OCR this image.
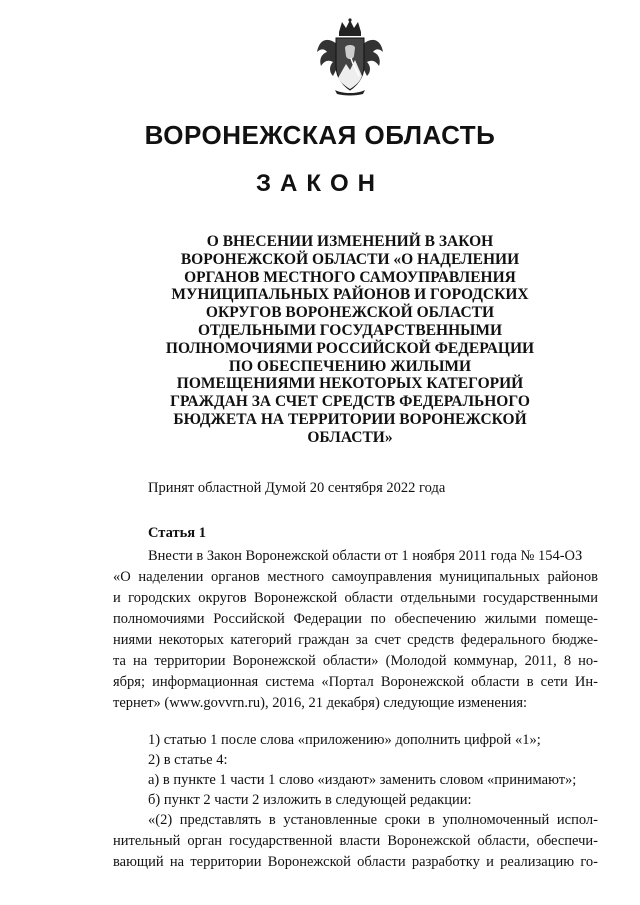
ВОРОНЕЖСКАЯ ОБЛАСТЬ
ЗАКОН
О ВНЕСЕНИИ ИЗМЕНЕНИЙ В ЗАКОН
ВОРОНЕЖСКОЙ ОБЛАСТИ «О НАДЕЛЕНИИ
ОРГАНОВ МЕСТНОГО САМОУПРАВЛЕНИЯ
МУНИЦИПАЛЬНЫХ РАЙОНОВ И ГОРОДСКИХ
ОКРУГОВ ВОРОНЕЖСКОЙ ОБЛАСТИ
ОТДЕЛЬНЫМИ ГОСУДАРСТВЕННЫМИ
ПОЛНОМОЧИЯМИ РОССИЙСКОЙ ФЕДЕРАЦИИ
ПО ОБЕСПЕЧЕНИЮ ЖИЛЫМИ
ПОМЕЩЕНИЯМИ НЕКОТОРЫХ КАТЕГОРИЙ
ГРАЖДАН ЗА СЧЕТ СРЕДСТВ ФЕДЕРАЛЬНОГО
БЮДЖЕТА НА ТЕРРИТОРИИ ВОРОНЕЖСКОЙ
ОБЛАСТИ»
Принят областной Думой 20 сентября 2022 года
Статья 1
Внести в Закон Воронежской области от 1 ноября 2011 года № 154-ОЗ
«О наделении органов местного самоуправления муниципальных районов
и городских округов Воронежской области отдельными государственными
полномочиями Российской Федерации по обеспечению жилыми помеще-
ниями некоторых категорий граждан за счет средств федерального бюдже-
та на территории Воронежской области» (Молодой коммунар, 2011, 8 но-
ября; информационная система «Портал Воронежской области в сети Ин-
тернет» (www.govvrn.ru), 2016, 21 декабря) следующие изменения:
1) статью 1 после слова «приложению» дополнить цифрой «1»;
2) в статье 4:
а) в пункте 1 части 1 слово «издают» заменить словом «принимают»;
б) пункт 2 части 2 изложить в следующей редакции:
«(2) представлять в установленные сроки в уполномоченный испол-
нительный орган государственной власти Воронежской области, обеспечи-
вающий на территории Воронежской области разработку и реализацию го-
